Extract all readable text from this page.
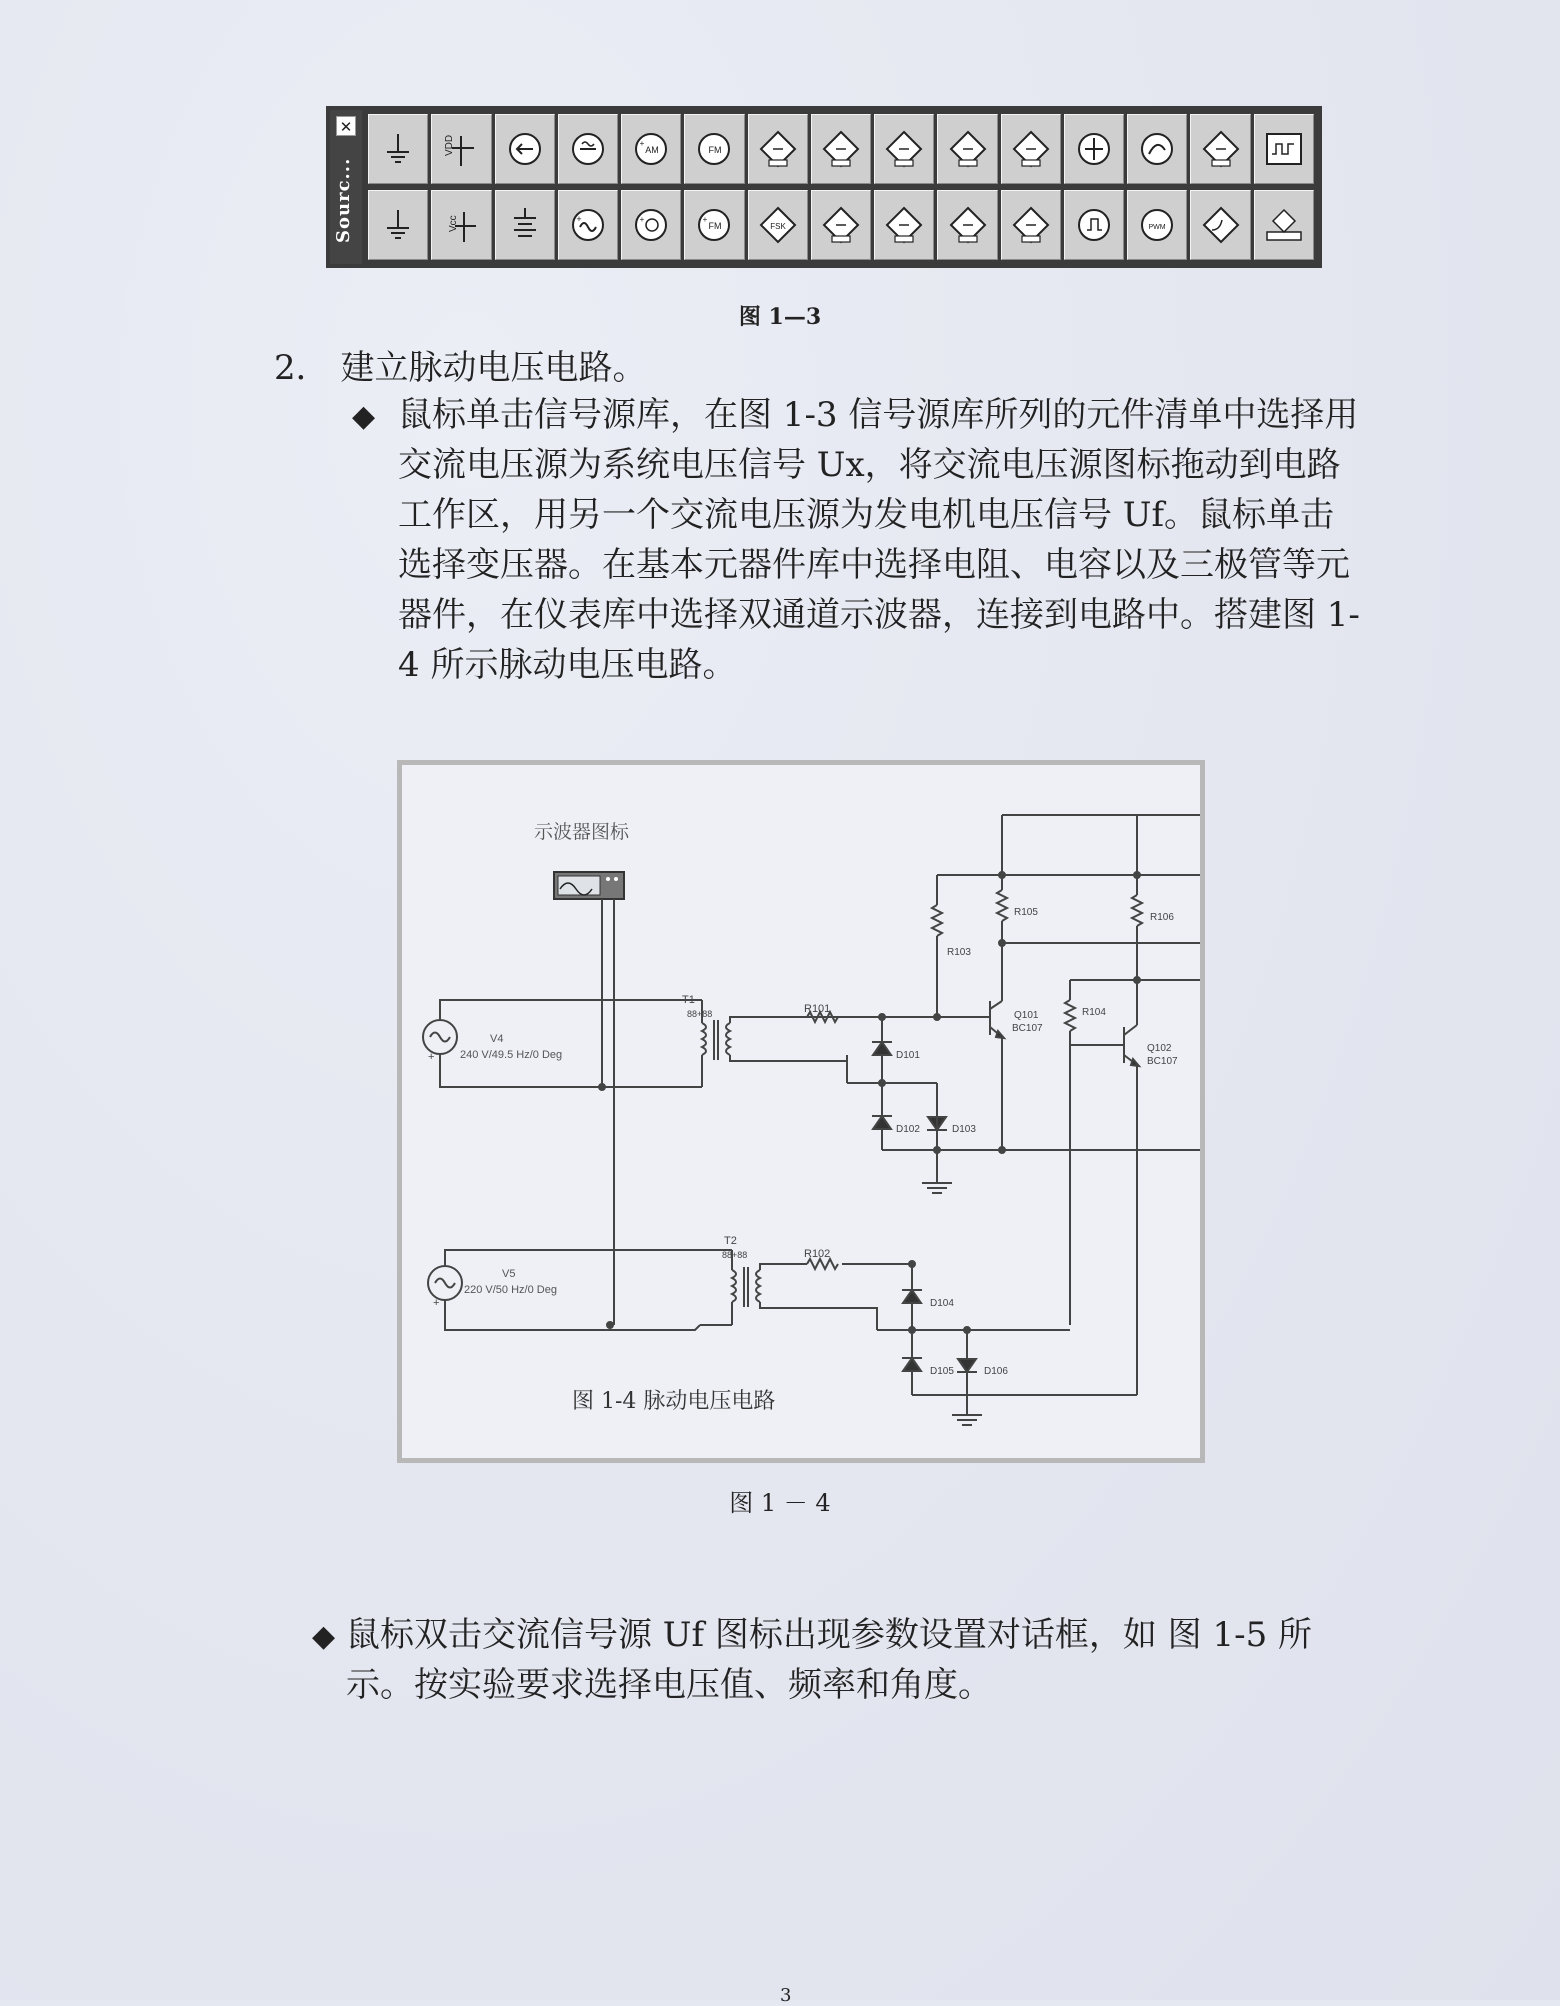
✕
Sourc...
VDD	AM
+
FM
Vcc	+	+
FM
+
FSK	PWM
图 1—3
2． 建立脉动电压电路。
◆ 鼠标单击信号源库，在图 1-3 信号源库所列的元件清单中选择用交流电压源为系统电压信号 Ux，将交流电压源图标拖动到电路工作区，用另一个交流电压源为发电机电压信号 Uf。鼠标单击选择变压器。在基本元器件库中选择电阻、电容以及三极管等元器件，在仪表库中选择双通道示波器，连接到电路中。搭建图 1-4 所示脉动电压电路。
示波器图标
+
V4
240 V/49.5 Hz/0 Deg
T1
88+88	R101
D101
D102	D103
R103
R105	R106
Q101
BC107
R104
Q102
BC107
+
V5
220 V/50 Hz/0 Deg
T2
88+88	R102
D104
D105	D106
图 1-4 脉动电压电路
图 1 － 4
◆ 鼠标双击交流信号源 Uf 图标出现参数设置对话框，如 图 1-5 所示。按实验要求选择电压值、频率和角度。
3
